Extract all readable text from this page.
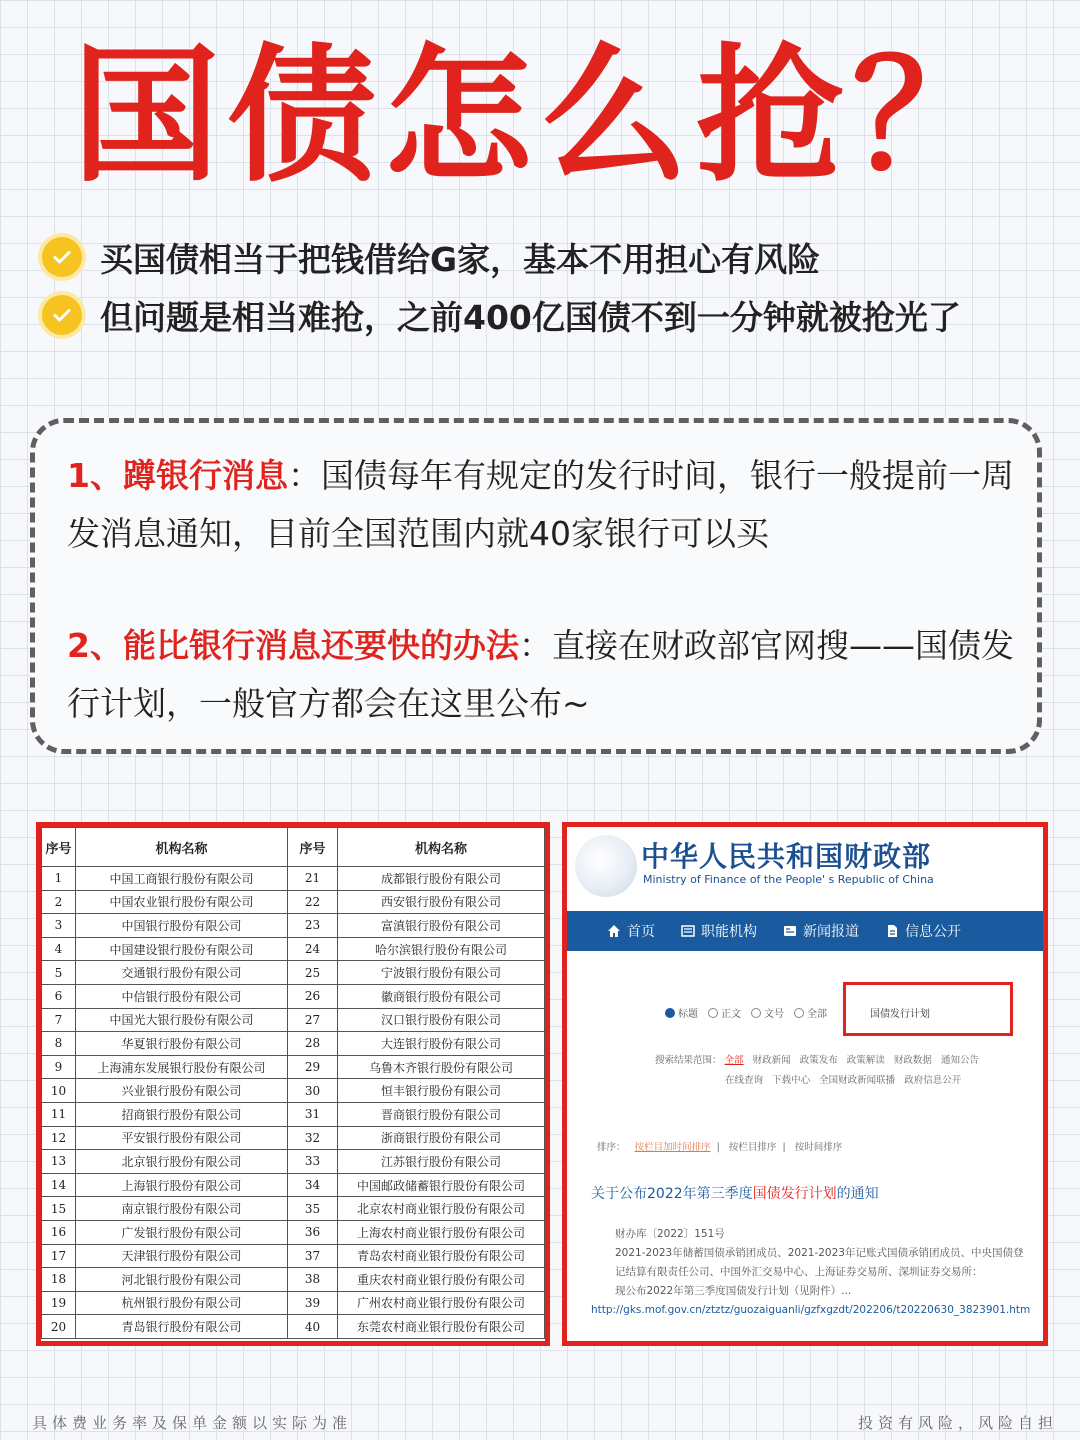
国债怎么抢？
买国债相当于把钱借给G家，基本不用担心有风险
但问题是相当难抢，之前400亿国债不到一分钟就被抢光了
1、蹲银行消息：国债每年有规定的发行时间，银行一般提前一周发消息通知，目前全国范围内就40家银行可以买
2、能比银行消息还要快的办法：直接在财政部官网搜——国债发行计划，一般官方都会在这里公布~
序号	机构名称	序号	机构名称
1	中国工商银行股份有限公司	21	成都银行股份有限公司
2	中国农业银行股份有限公司	22	西安银行股份有限公司
3	中国银行股份有限公司	23	富滇银行股份有限公司
4	中国建设银行股份有限公司	24	哈尔滨银行股份有限公司
5	交通银行股份有限公司	25	宁波银行股份有限公司
6	中信银行股份有限公司	26	徽商银行股份有限公司
7	中国光大银行股份有限公司	27	汉口银行股份有限公司
8	华夏银行股份有限公司	28	大连银行股份有限公司
9	上海浦东发展银行股份有限公司	29	乌鲁木齐银行股份有限公司
10	兴业银行股份有限公司	30	恒丰银行股份有限公司
11	招商银行股份有限公司	31	晋商银行股份有限公司
12	平安银行股份有限公司	32	浙商银行股份有限公司
13	北京银行股份有限公司	33	江苏银行股份有限公司
14	上海银行股份有限公司	34	中国邮政储蓄银行股份有限公司
15	南京银行股份有限公司	35	北京农村商业银行股份有限公司
16	广发银行股份有限公司	36	上海农村商业银行股份有限公司
17	天津银行股份有限公司	37	青岛农村商业银行股份有限公司
18	河北银行股份有限公司	38	重庆农村商业银行股份有限公司
19	杭州银行股份有限公司	39	广州农村商业银行股份有限公司
20	青岛银行股份有限公司	40	东莞农村商业银行股份有限公司
中华人民共和国财政部
Ministry of Finance of the People' s Republic of China
首页	职能机构	新闻报道	信息公开
标题 正文 文号 全部	国债发行计划
搜索结果范围： 全部 财政新闻 政策发布 政策解读 财政数据 通知公告
在线查询 下载中心 全国财政新闻联播 政府信息公开
排序： 按栏目加时间排序  |   按栏目排序  |   按时间排序
关于公布2022年第三季度国债发行计划的通知
财办库〔2022〕151号
2021-2023年储蓄国债承销团成员、2021-2023年记账式国债承销团成员、中央国债登记结算有限责任公司、中国外汇交易中心、上海证券交易所、深圳证券交易所：
现公布2022年第三季度国债发行计划（见附件）...
http://gks.mof.gov.cn/ztztz/guozaiguanli/gzfxgzdt/202206/t20220630_3823901.htm
具体费业务率及保单金额以实际为准	投资有风险，风险自担
